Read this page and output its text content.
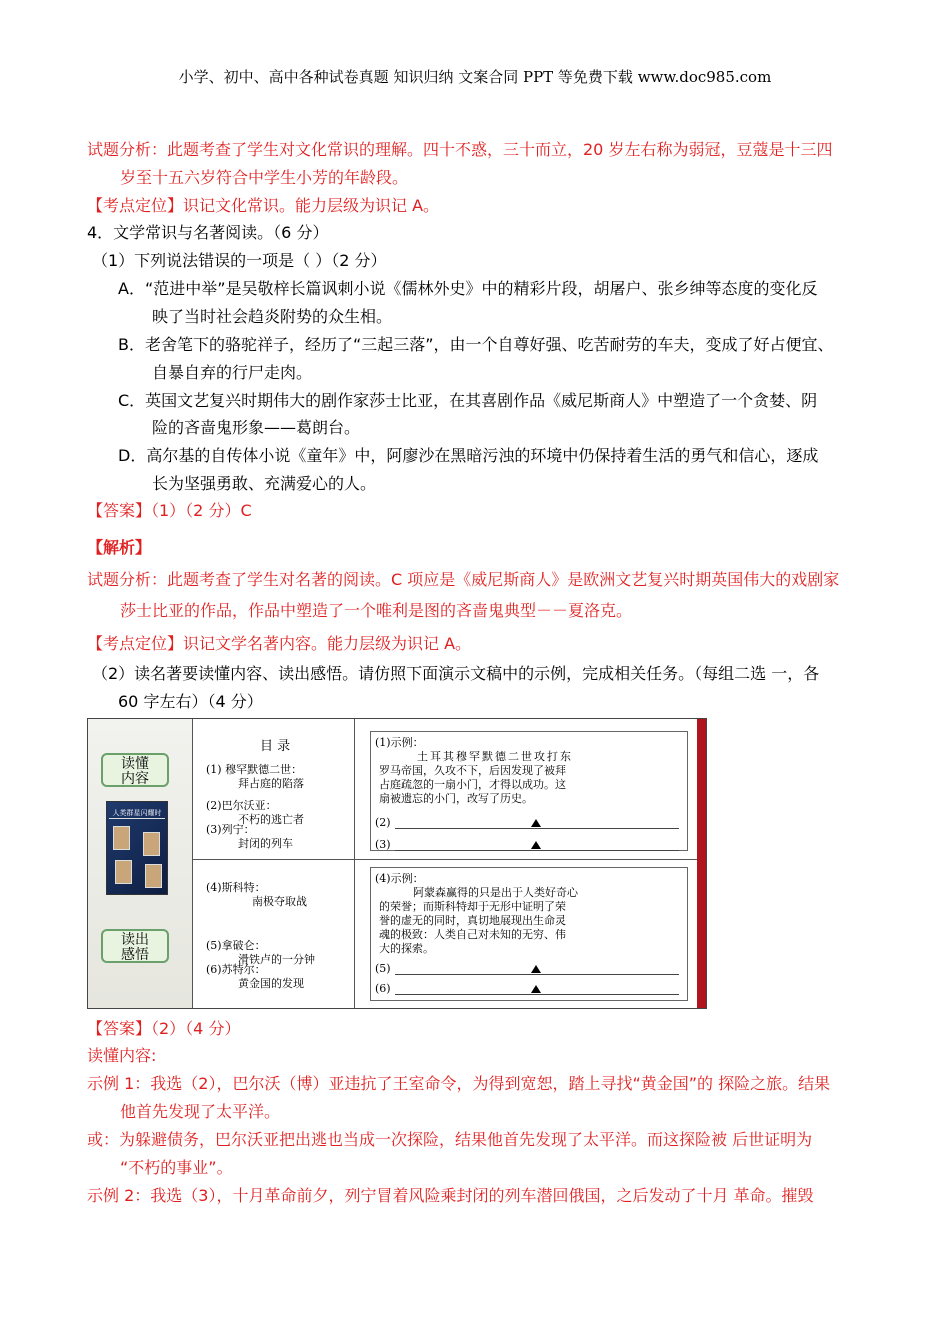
小学、初中、高中各种试卷真题 知识归纳 文案合同 PPT 等免费下载 www.doc985.com
试题分析：此题考查了学生对文化常识的理解。四十不惑，三十而立，20 岁左右称为弱冠，豆蔻是十三四
岁至十五六岁符合中学生小芳的年龄段。
【考点定位】识记文化常识。能力层级为识记 A。
4．文学常识与名著阅读。（6 分）
（1）下列说法错误的一项是（ ）（2 分）
A．“范进中举”是吴敬梓长篇讽刺小说《儒林外史》中的精彩片段，胡屠户、张乡绅等态度的变化反
映了当时社会趋炎附势的众生相。
B．老舍笔下的骆驼祥子，经历了“三起三落”，由一个自尊好强、吃苦耐劳的车夫，变成了好占便宜、
自暴自弃的行尸走肉。
C．英国文艺复兴时期伟大的剧作家莎士比亚，在其喜剧作品《威尼斯商人》中塑造了一个贪婪、阴
险的吝啬鬼形象——葛朗台。
D．高尔基的自传体小说《童年》中，阿廖沙在黑暗污浊的环境中仍保持着生活的勇气和信心，逐成
长为坚强勇敢、充满爱心的人。
【答案】（1）（2 分）C
【解析】
试题分析：此题考查了学生对名著的阅读。C 项应是《威尼斯商人》是欧洲文艺复兴时期英国伟大的戏剧家
莎士比亚的作品，作品中塑造了一个唯利是图的吝啬鬼典型－－夏洛克。
【考点定位】识记文学名著内容。能力层级为识记 A。
（2）读名著要读懂内容、读出感悟。请仿照下面演示文稿中的示例，完成相关任务。（每组二选 一，各
60 字左右）（4 分）
读懂
内容
人类群星闪耀时
读出
感悟
目 录
(1) 穆罕默德二世：
拜占庭的陷落
(2)巴尔沃亚：
不朽的逃亡者
(3)列宁：
封闭的列车
(4)斯科特：
南极夺取战
(5)拿破仑：
滑铁卢的一分钟
(6)苏特尔：
黄金国的发现
(1)示例：
土耳其穆罕默德二世攻打东
罗马帝国，久攻不下，后因发现了被拜
占庭疏忽的一扇小门，才得以成功。这
扇被遗忘的小门，改写了历史。
(2)
(3)
(4)示例：
阿蒙森赢得的只是出于人类好奇心
的荣誉；而斯科特却于无形中证明了荣
誉的虚无的同时，真切地展现出生命灵
魂的极致：人类自己对未知的无穷、伟
大的探索。
(5)
(6)
【答案】（2）（4 分）
读懂内容:
示例 1：我选（2），巴尔沃（博）亚违抗了王室命令，为得到宽恕，踏上寻找“黄金国”的 探险之旅。结果
他首先发现了太平洋。
或：为躲避债务，巴尔沃亚把出逃也当成一次探险，结果他首先发现了太平洋。而这探险被 后世证明为
“不朽的事业”。
示例 2：我选（3），十月革命前夕，列宁冒着风险乘封闭的列车潜回俄国，之后发动了十月 革命。摧毁
